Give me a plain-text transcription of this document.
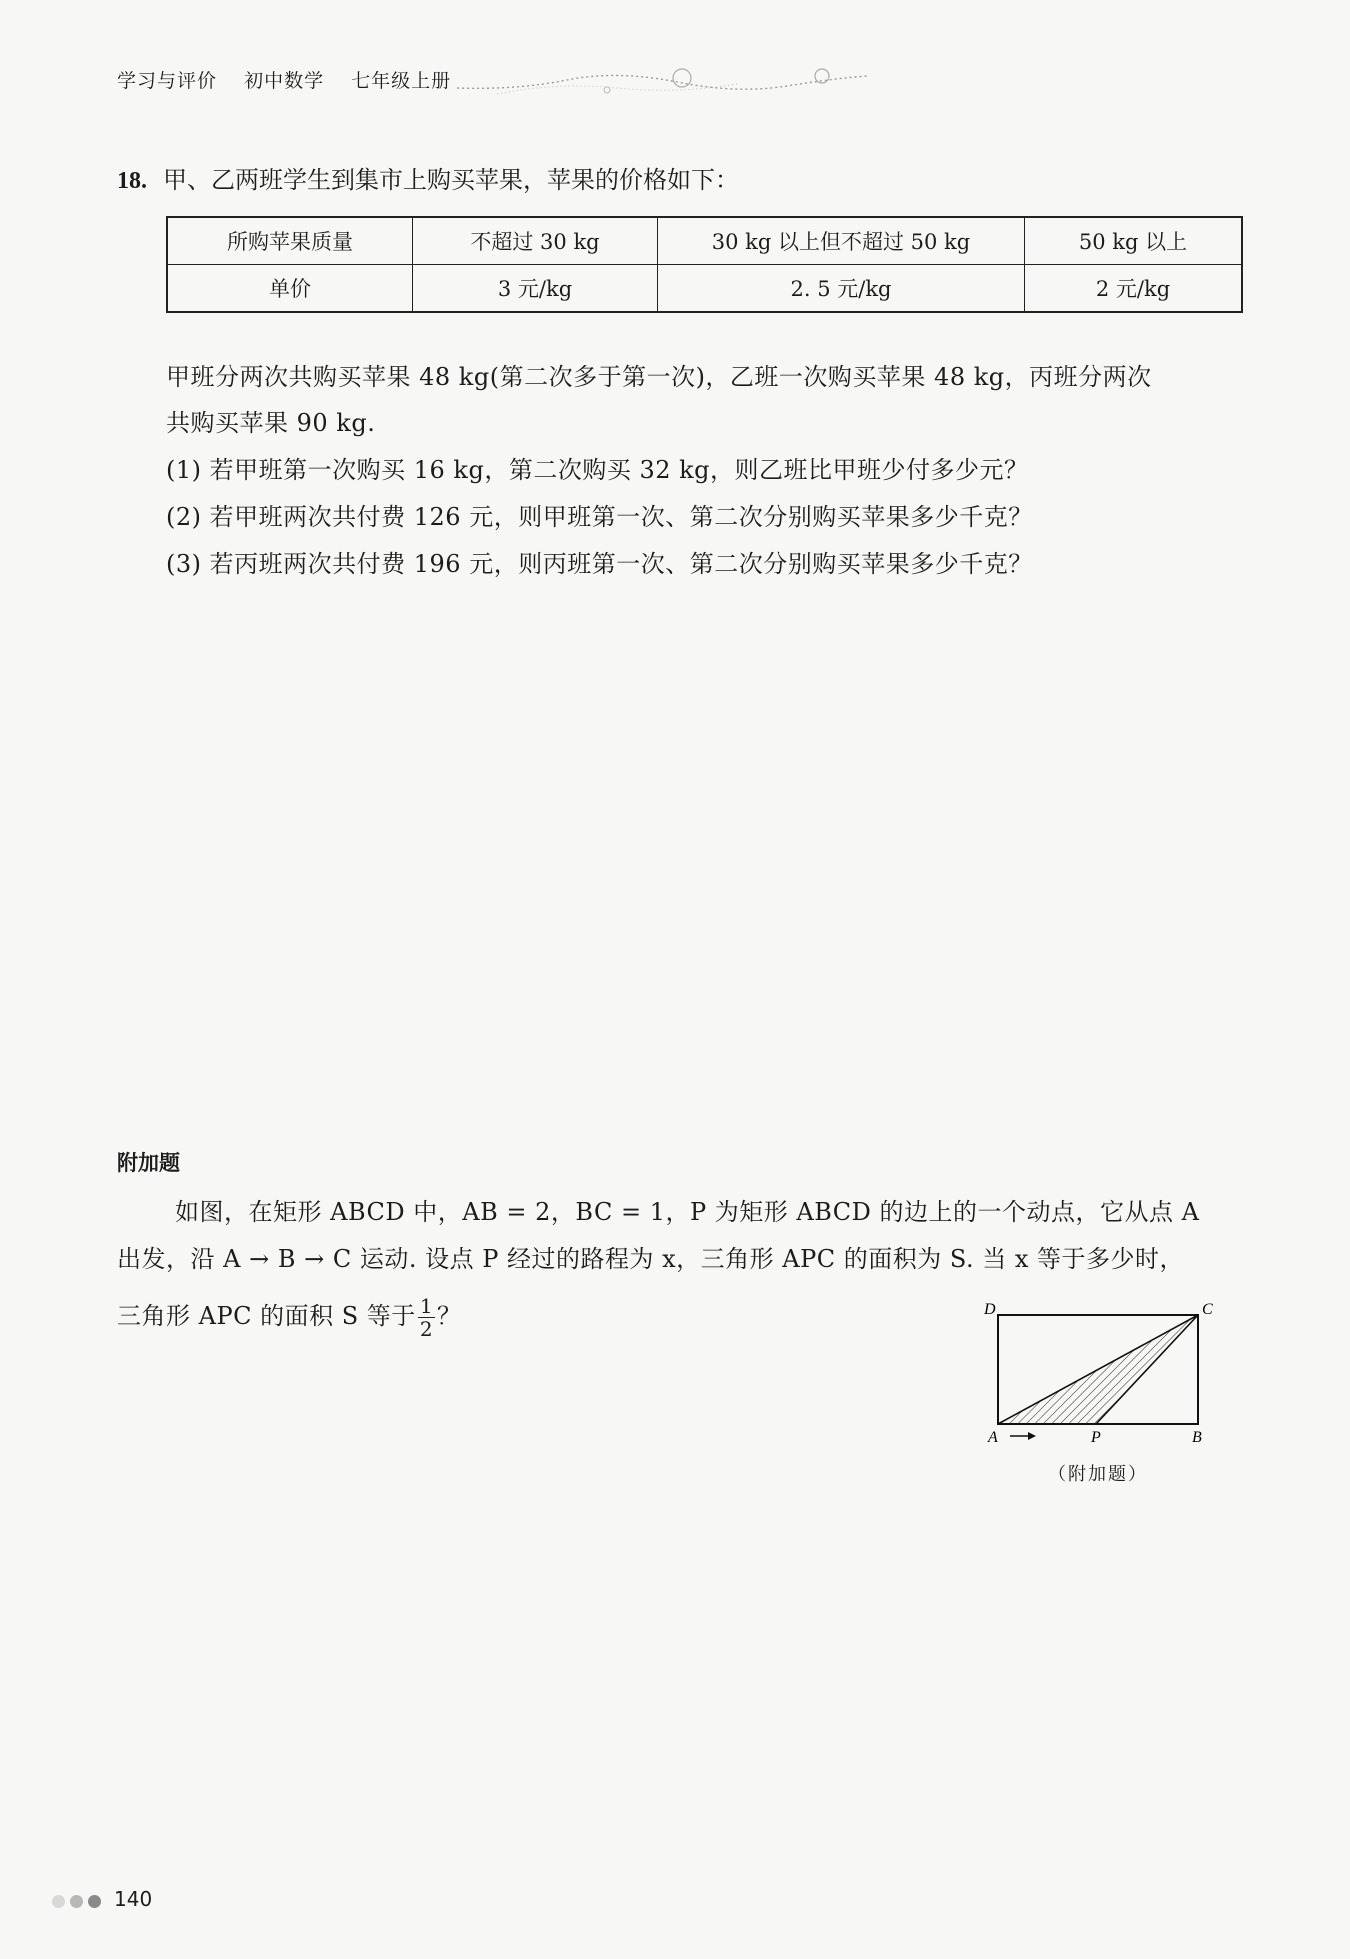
学习与评价 初中数学 七年级上册
18. 甲、乙两班学生到集市上购买苹果，苹果的价格如下：
所购苹果质量	不超过 30 kg	30 kg 以上但不超过 50 kg	50 kg 以上
单价	3 元/kg	2. 5 元/kg	2 元/kg
甲班分两次共购买苹果 48 kg(第二次多于第一次)，乙班一次购买苹果 48 kg，丙班分两次
共购买苹果 90 kg.
(1) 若甲班第一次购买 16 kg，第二次购买 32 kg，则乙班比甲班少付多少元？
(2) 若甲班两次共付费 126 元，则甲班第一次、第二次分别购买苹果多少千克？
(3) 若丙班两次共付费 196 元，则丙班第一次、第二次分别购买苹果多少千克？
附加题
如图，在矩形 ABCD 中，AB = 2，BC = 1，P 为矩形 ABCD 的边上的一个动点，它从点 A
出发，沿 A → B → C 运动. 设点 P 经过的路程为 x，三角形 APC 的面积为 S. 当 x 等于多少时，
三角形 APC 的面积 S 等于 $\frac{1}{2}$ ？	D	C
A	P	B
（附加题）
140
